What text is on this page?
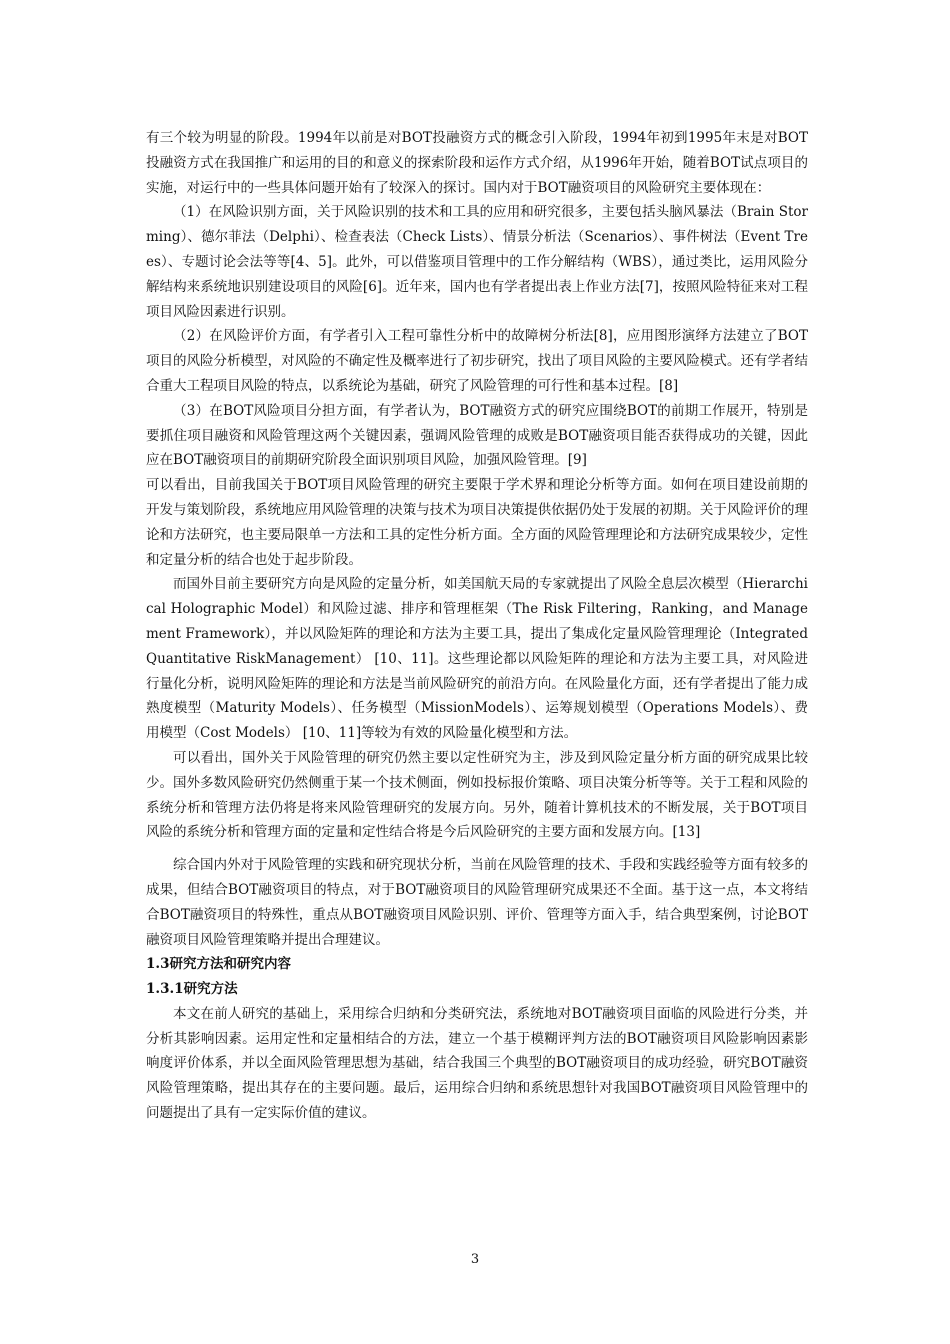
有三个较为明显的阶段。1994年以前是对BOT投融资方式的概念引入阶段，1994年初到1995年末是对BOT投融资方式在我国推广和运用的目的和意义的探索阶段和运作方式介绍，从1996年开始，随着BOT试点项目的实施，对运行中的一些具体问题开始有了较深入的探讨。国内对于BOT融资项目的风险研究主要体现在：

（1）在风险识别方面，关于风险识别的技术和工具的应用和研究很多，主要包括头脑风暴法（Brain Storming）、德尔菲法（Delphi）、检查表法（Check Lists）、情景分析法（Scenarios）、事件树法（Event Trees）、专题讨论会法等等[4、5]。此外，可以借鉴项目管理中的工作分解结构（WBS），通过类比，运用风险分解结构来系统地识别建设项目的风险[6]。近年来，国内也有学者提出表上作业方法[7]，按照风险特征来对工程项目风险因素进行识别。

（2）在风险评价方面，有学者引入工程可靠性分析中的故障树分析法[8]，应用图形演绎方法建立了BOT项目的风险分析模型，对风险的不确定性及概率进行了初步研究，找出了项目风险的主要风险模式。还有学者结合重大工程项目风险的特点，以系统论为基础，研究了风险管理的可行性和基本过程。[8]

（3）在BOT风险项目分担方面，有学者认为，BOT融资方式的研究应围绕BOT的前期工作展开，特别是要抓住项目融资和风险管理这两个关键因素，强调风险管理的成败是BOT融资项目能否获得成功的关键，因此应在BOT融资项目的前期研究阶段全面识别项目风险，加强风险管理。[9]

可以看出，目前我国关于BOT项目风险管理的研究主要限于学术界和理论分析等方面。如何在项目建设前期的开发与策划阶段，系统地应用风险管理的决策与技术为项目决策提供依据仍处于发展的初期。关于风险评价的理论和方法研究，也主要局限单一方法和工具的定性分析方面。全方面的风险管理理论和方法研究成果较少，定性和定量分析的结合也处于起步阶段。

而国外目前主要研究方向是风险的定量分析，如美国航天局的专家就提出了风险全息层次模型（Hierarchical Holographic Model）和风险过滤、排序和管理框架（The Risk Filtering，Ranking，and Management Framework），并以风险矩阵的理论和方法为主要工具，提出了集成化定量风险管理理论（Integrated Quantitative RiskManagement） [10、11]。这些理论都以风险矩阵的理论和方法为主要工具，对风险进行量化分析，说明风险矩阵的理论和方法是当前风险研究的前沿方向。在风险量化方面，还有学者提出了能力成熟度模型（Maturity Models）、任务模型（MissionModels）、运筹规划模型（Operations Models）、费用模型（Cost Models） [10、11]等较为有效的风险量化模型和方法。

可以看出，国外关于风险管理的研究仍然主要以定性研究为主，涉及到风险定量分析方面的研究成果比较少。国外多数风险研究仍然侧重于某一个技术侧面，例如投标报价策略、项目决策分析等等。关于工程和风险的系统分析和管理方法仍将是将来风险管理研究的发展方向。另外，随着计算机技术的不断发展，关于BOT项目风险的系统分析和管理方面的定量和定性结合将是今后风险研究的主要方面和发展方向。[13]

综合国内外对于风险管理的实践和研究现状分析，当前在风险管理的技术、手段和实践经验等方面有较多的成果，但结合BOT融资项目的特点，对于BOT融资项目的风险管理研究成果还不全面。基于这一点，本文将结合BOT融资项目的特殊性，重点从BOT融资项目风险识别、评价、管理等方面入手，结合典型案例，讨论BOT融资项目风险管理策略并提出合理建议。

1.3研究方法和研究内容
1.3.1研究方法

本文在前人研究的基础上，采用综合归纳和分类研究法，系统地对BOT融资项目面临的风险进行分类，并分析其影响因素。运用定性和定量相结合的方法，建立一个基于模糊评判方法的BOT融资项目风险影响因素影响度评价体系，并以全面风险管理思想为基础，结合我国三个典型的BOT融资项目的成功经验，研究BOT融资风险管理策略，提出其存在的主要问题。最后，运用综合归纳和系统思想针对我国BOT融资项目风险管理中的问题提出了具有一定实际价值的建议。

3
